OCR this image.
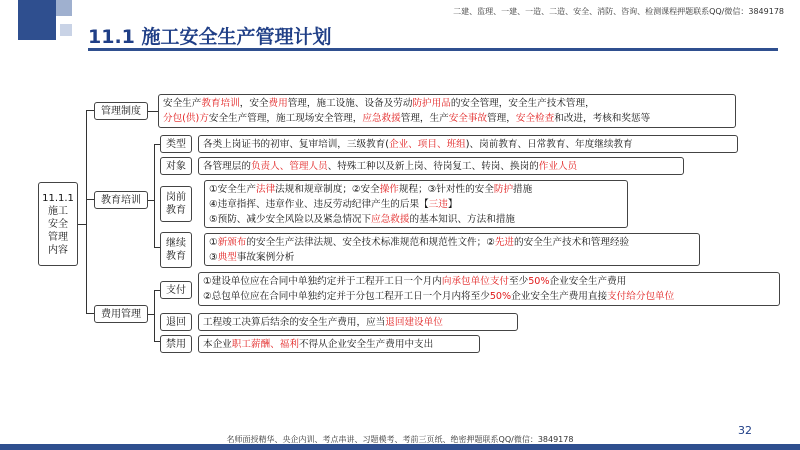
二建、监理、一建、一造、二造、安全、消防、咨询、检测课程押题联系QQ/微信：3849178
11.1 施工安全生产管理计划
11.1.1
施工
安全
管理
内容
管理制度
教育培训
费用管理
安全生产教育培训，安全费用管理，施工设施、设备及劳动防护用品的安全管理，安全生产技术管理，
分包(供)方安全生产管理，施工现场安全管理，应急救援管理，生产安全事故管理，安全检查和改进，考核和奖惩等
类型	各类上岗证书的初审、复审培训，三级教育(企业、项目、班组)、岗前教育、日常教育、年度继续教育
对象	各管理层的负责人、管理人员、特殊工种以及新上岗、待岗复工、转岗、换岗的作业人员
岗前
教育
①安全生产法律法规和规章制度；②安全操作规程；③针对性的安全防护措施
④违章指挥、违章作业、违反劳动纪律产生的后果【三违】
⑤预防、减少安全风险以及紧急情况下应急救援的基本知识、方法和措施
继续
教育
①新颁布的安全生产法律法规、安全技术标准规范和规范性文件；②先进的安全生产技术和管理经验
③典型事故案例分析
支付
①建设单位应在合同中单独约定并于工程开工日一个月内向承包单位支付至少50%企业安全生产费用
②总包单位应在合同中单独约定并于分包工程开工日一个月内将至少50%企业安全生产费用直接支付给分包单位
退回	工程竣工决算后结余的安全生产费用，应当退回建设单位
禁用	本企业职工薪酬、福利不得从企业安全生产费用中支出
32
名师面授精华、央企内训、考点串讲、习题模考、考前三页纸、绝密押题联系QQ/微信：3849178
